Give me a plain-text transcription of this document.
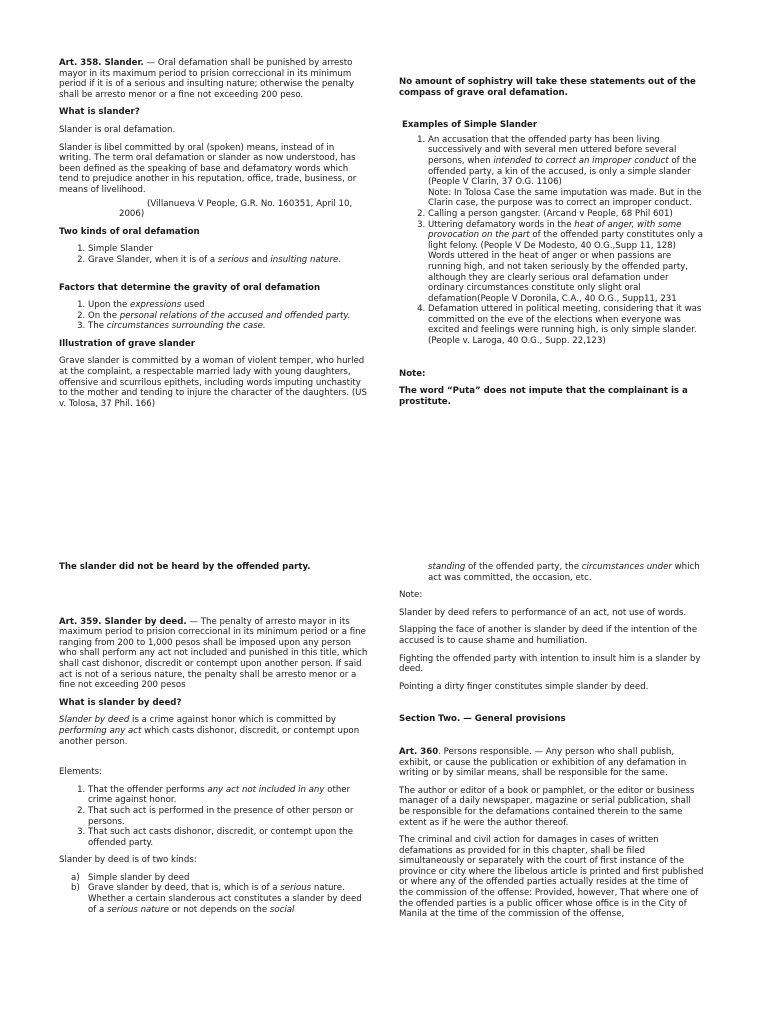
Art. 358. Slander. — Oral defamation shall be punished by arresto mayor in its maximum period to prision correccional in its minimum period if it is of a serious and insulting nature; otherwise the penalty shall be arresto menor or a fine not exceeding 200 peso.

What is slander?

Slander is oral defamation.

Slander is libel committed by oral (spoken) means, instead of in writing. The term oral defamation or slander as now understood, has been defined as the speaking of base and defamatory words which tend to prejudice another in his reputation, office, trade, business, or means of livelihood.

(Villanueva V People, G.R. No. 160351, April 10, 2006)

Two kinds of oral defamation
1. Simple Slander
2. Grave Slander, when it is of a serious and insulting nature.
Factors that determine the gravity of oral defamation
1. Upon the expressions used
2. On the personal relations of the accused and offended party.
3. The circumstances surrounding the case.
Illustration of grave slander

Grave slander is committed by a woman of violent temper, who hurled at the complaint, a respectable married lady with young daughters, offensive and scurrilous epithets, including words imputing unchastity to the mother and tending to injure the character of the daughters. (US v. Tolosa, 37 Phil. 166)

No amount of sophistry will take these statements out of the compass of grave oral defamation.

Examples of Simple Slander
1. An accusation that the offended party has been living successively and with several men uttered before several persons, when intended to correct an improper conduct of the offended party, a kin of the accused, is only a simple slander (People V Clarin, 37 O.G. 1106)
Note: In Tolosa Case the same imputation was made. But in the Clarin case, the purpose was to correct an improper conduct.
2. Calling a person gangster. (Arcand v People, 68 Phil 601)
3. Uttering defamatory words in the heat of anger, with some provocation on the part of the offended party constitutes only a light felony. (People V De Modesto, 40 O.G.,Supp 11, 128)
Words uttered in the heat of anger or when passions are running high, and not taken seriously by the offended party, although they are clearly serious oral defamation under ordinary circumstances constitute only slight oral defamation(People V Doronila, C.A., 40 O.G., Supp11, 231
4. Defamation uttered in political meeting, considering that it was committed on the eve of the elections when everyone was excited and feelings were running high, is only simple slander. (People v. Laroga, 40 O.G., Supp. 22,123)
Note:

The word “Puta” does not impute that the complainant is a prostitute.

The slander did not be heard by the offended party.

Art. 359. Slander by deed. — The penalty of arresto mayor in its maximum period to prision correccional in its minimum period or a fine ranging from 200 to 1,000 pesos shall be imposed upon any person who shall perform any act not included and punished in this title, which shall cast dishonor, discredit or contempt upon another person. If said act is not of a serious nature, the penalty shall be arresto menor or a fine not exceeding 200 pesos

What is slander by deed?

Slander by deed is a crime against honor which is committed by performing any act which casts dishonor, discredit, or contempt upon another person.

Elements:

1. That the offender performs any act not included in any other crime against honor.
2. That such act is performed in the presence of other person or persons.
3. That such act casts dishonor, discredit, or contempt upon the offended party.

Slander by deed is of two kinds:

a) Simple slander by deed
b) Grave slander by deed, that is, which is of a serious nature. Whether a certain slanderous act constitutes a slander by deed of a serious nature or not depends on the social

standing of the offended party, the circumstances under which act was committed, the occasion, etc.

Note:

Slander by deed refers to performance of an act, not use of words.

Slapping the face of another is slander by deed if the intention of the accused is to cause shame and humiliation.

Fighting the offended party with intention to insult him is a slander by deed.

Pointing a dirty finger constitutes simple slander by deed.

Section Two. — General provisions

Art. 360. Persons responsible. — Any person who shall publish, exhibit, or cause the publication or exhibition of any defamation in writing or by similar means, shall be responsible for the same.

The author or editor of a book or pamphlet, or the editor or business manager of a daily newspaper, magazine or serial publication, shall be responsible for the defamations contained therein to the same extent as if he were the author thereof.

The criminal and civil action for damages in cases of written defamations as provided for in this chapter, shall be filed simultaneously or separately with the court of first instance of the province or city where the libelous article is printed and first published or where any of the offended parties actually resides at the time of the commission of the offense: Provided, however, That where one of the offended parties is a public officer whose office is in the City of Manila at the time of the commission of the offense,
